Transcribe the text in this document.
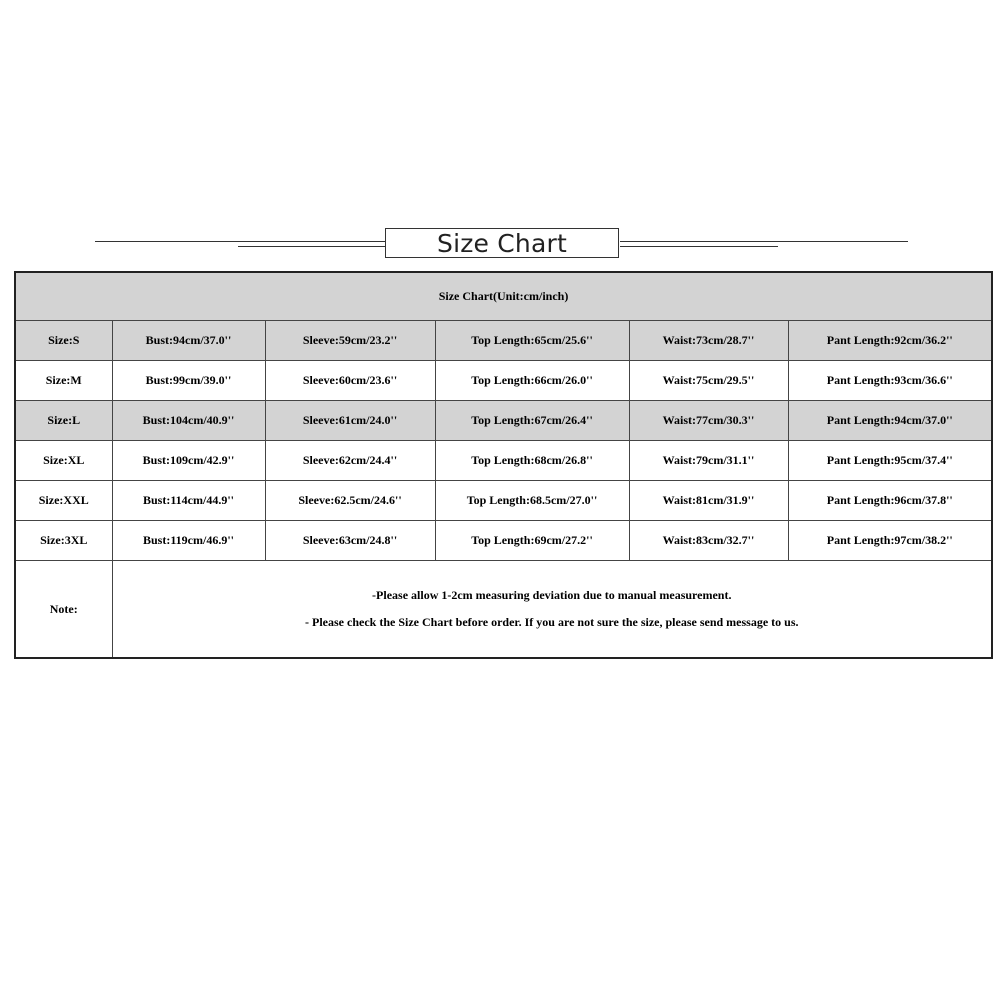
Size Chart
Size Chart(Unit:cm/inch)					
Size:S	Bust:94cm/37.0''	Sleeve:59cm/23.2''	Top Length:65cm/25.6''	Waist:73cm/28.7''	Pant Length:92cm/36.2''
Size:M	Bust:99cm/39.0''	Sleeve:60cm/23.6''	Top Length:66cm/26.0''	Waist:75cm/29.5''	Pant Length:93cm/36.6''
Size:L	Bust:104cm/40.9''	Sleeve:61cm/24.0''	Top Length:67cm/26.4''	Waist:77cm/30.3''	Pant Length:94cm/37.0''
Size:XL	Bust:109cm/42.9''	Sleeve:62cm/24.4''	Top Length:68cm/26.8''	Waist:79cm/31.1''	Pant Length:95cm/37.4''
Size:XXL	Bust:114cm/44.9''	Sleeve:62.5cm/24.6''	Top Length:68.5cm/27.0''	Waist:81cm/31.9''	Pant Length:96cm/37.8''
Size:3XL	Bust:119cm/46.9''	Sleeve:63cm/24.8''	Top Length:69cm/27.2''	Waist:83cm/32.7''	Pant Length:97cm/38.2''
Note:	-Please allow 1-2cm measuring deviation due to manual measurement.
- Please check the Size Chart before order. If you are not sure the size, please send message to us.				
